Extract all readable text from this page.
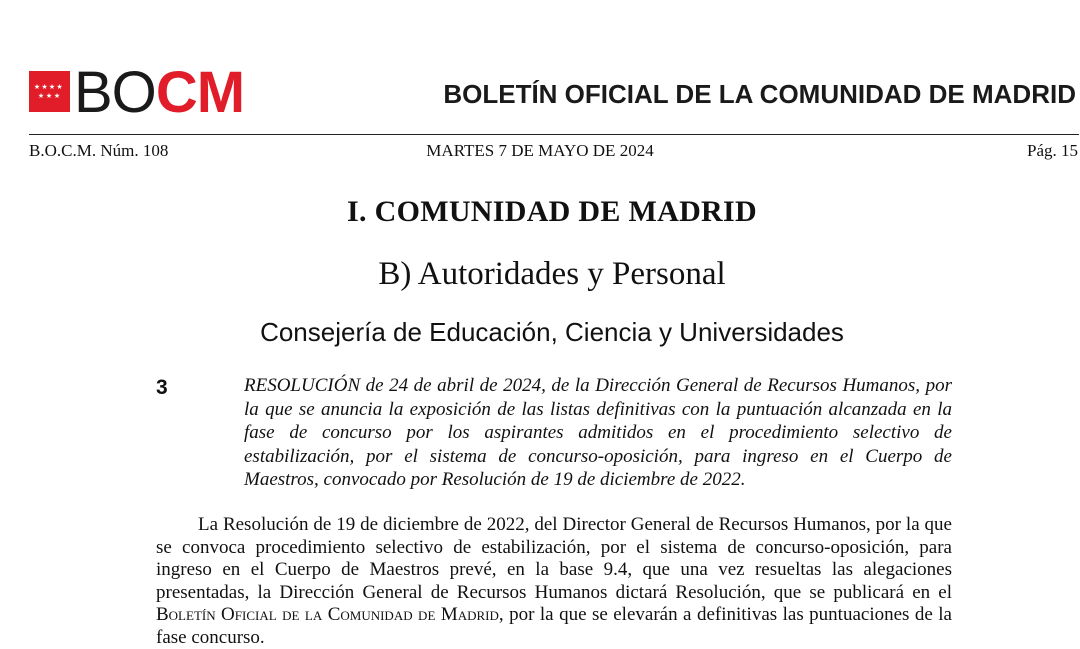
★ ★ ★ ★
★ ★ ★ BOCM	BOLETÍN OFICIAL DE LA COMUNIDAD DE MADRID
B.O.C.M. Núm. 108	MARTES 7 DE MAYO DE 2024	Pág. 15
I. COMUNIDAD DE MADRID
B) Autoridades y Personal
Consejería de Educación, Ciencia y Universidades
3	RESOLUCIÓN de 24 de abril de 2024, de la Dirección General de Recursos Humanos, por la que se anuncia la exposición de las listas definitivas con la puntuación alcanzada en la fase de concurso por los aspirantes admitidos en el procedimiento selectivo de estabilización, por el sistema de concurso-oposición, para ingreso en el Cuerpo de Maestros, convocado por Resolución de 19 de diciembre de 2022.

La Resolución de 19 de diciembre de 2022, del Director General de Recursos Humanos, por la que se convoca procedimiento selectivo de estabilización, por el sistema de concurso-oposición, para ingreso en el Cuerpo de Maestros prevé, en la base 9.4, que una vez resueltas las alegaciones presentadas, la Dirección General de Recursos Humanos dictará Resolución, que se publicará en el Boletín Oficial de la Comunidad de Madrid, por la que se elevarán a definitivas las puntuaciones de la fase concurso.
